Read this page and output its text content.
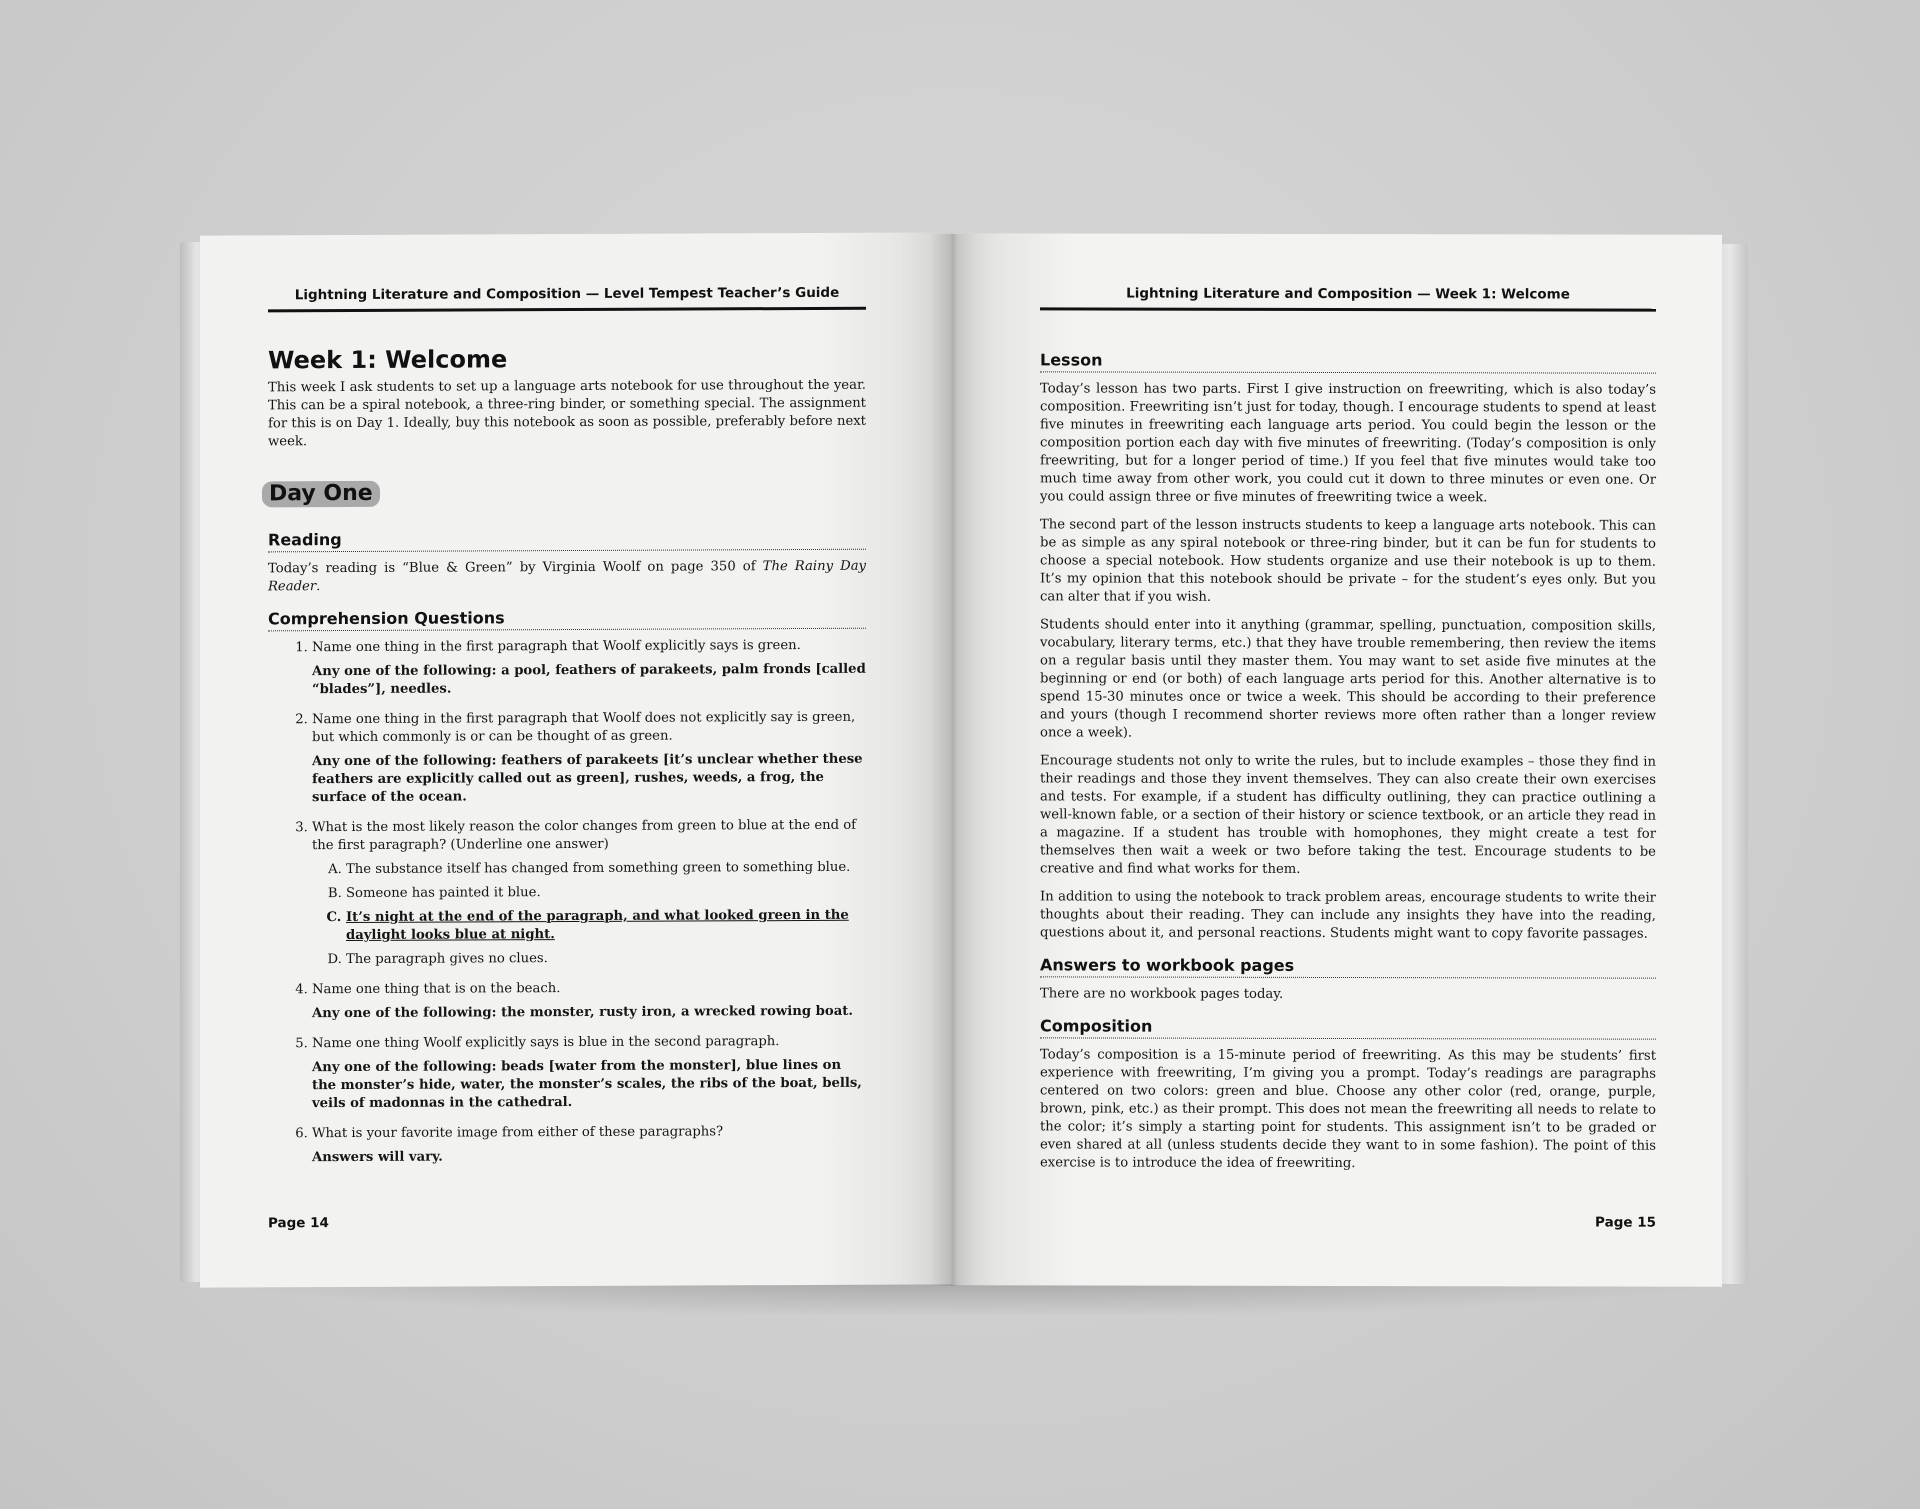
Lightning Literature and Composition — Level Tempest Teacher’s Guide
Week 1: Welcome

This week I ask students to set up a language arts notebook for use throughout the year. This can be a spiral notebook, a three-ring binder, or something special. The assignment for this is on Day 1. Ideally, buy this notebook as soon as possible, preferably before next week.

Day One
Reading

Today’s reading is “Blue & Green” by Virginia Woolf on page 350 of The Rainy Day Reader.

Comprehension Questions
1. Name one thing in the first paragraph that Woolf explicitly says is green.
Any one of the following: a pool, feathers of parakeets, palm fronds [called “blades”], needles.
2. Name one thing in the first paragraph that Woolf does not explicitly say is green, but which commonly is or can be thought of as green.
Any one of the following: feathers of parakeets [it’s unclear whether these feathers are explicitly called out as green], rushes, weeds, a frog, the surface of the ocean.
3. What is the most likely reason the color changes from green to blue at the end of the first paragraph? (Underline one answer)
A. The substance itself has changed from something green to something blue.
B. Someone has painted it blue.
C. It’s night at the end of the paragraph, and what looked green in the daylight looks blue at night.
D. The paragraph gives no clues.
4. Name one thing that is on the beach.
Any one of the following: the monster, rusty iron, a wrecked rowing boat.
5. Name one thing Woolf explicitly says is blue in the second paragraph.
Any one of the following: beads [water from the monster], blue lines on the monster’s hide, water, the monster’s scales, the ribs of the boat, bells, veils of madonnas in the cathedral.
6. What is your favorite image from either of these paragraphs?
Answers will vary.
Page 14
Lightning Literature and Composition — Week 1: Welcome
Lesson

Today’s lesson has two parts. First I give instruction on freewriting, which is also today’s composition. Freewriting isn’t just for today, though. I encourage students to spend at least five minutes in freewriting each language arts period. You could begin the lesson or the composition portion each day with five minutes of freewriting. (Today’s composition is only freewriting, but for a longer period of time.) If you feel that five minutes would take too much time away from other work, you could cut it down to three minutes or even one. Or you could assign three or five minutes of freewriting twice a week.

The second part of the lesson instructs students to keep a language arts notebook. This can be as simple as any spiral notebook or three-ring binder, but it can be fun for students to choose a special notebook. How students organize and use their notebook is up to them. It’s my opinion that this notebook should be private – for the student’s eyes only. But you can alter that if you wish.

Students should enter into it anything (grammar, spelling, punctuation, composition skills, vocabulary, literary terms, etc.) that they have trouble remembering, then review the items on a regular basis until they master them. You may want to set aside five minutes at the beginning or end (or both) of each language arts period for this. Another alternative is to spend 15-30 minutes once or twice a week. This should be according to their preference and yours (though I recommend shorter reviews more often rather than a longer review once a week).

Encourage students not only to write the rules, but to include examples – those they find in their readings and those they invent themselves. They can also create their own exercises and tests. For example, if a student has difficulty outlining, they can practice outlining a well-known fable, or a section of their history or science textbook, or an article they read in a magazine. If a student has trouble with homophones, they might create a test for themselves then wait a week or two before taking the test. Encourage students to be creative and find what works for them.

In addition to using the notebook to track problem areas, encourage students to write their thoughts about their reading. They can include any insights they have into the reading, questions about it, and personal reactions. Students might want to copy favorite passages.

Answers to workbook pages

There are no workbook pages today.

Composition

Today’s composition is a 15-minute period of freewriting. As this may be students’ first experience with freewriting, I’m giving you a prompt. Today’s readings are paragraphs centered on two colors: green and blue. Choose any other color (red, orange, purple, brown, pink, etc.) as their prompt. This does not mean the freewriting all needs to relate to the color; it’s simply a starting point for students. This assignment isn’t to be graded or even shared at all (unless students decide they want to in some fashion). The point of this exercise is to introduce the idea of freewriting.

Page 15
